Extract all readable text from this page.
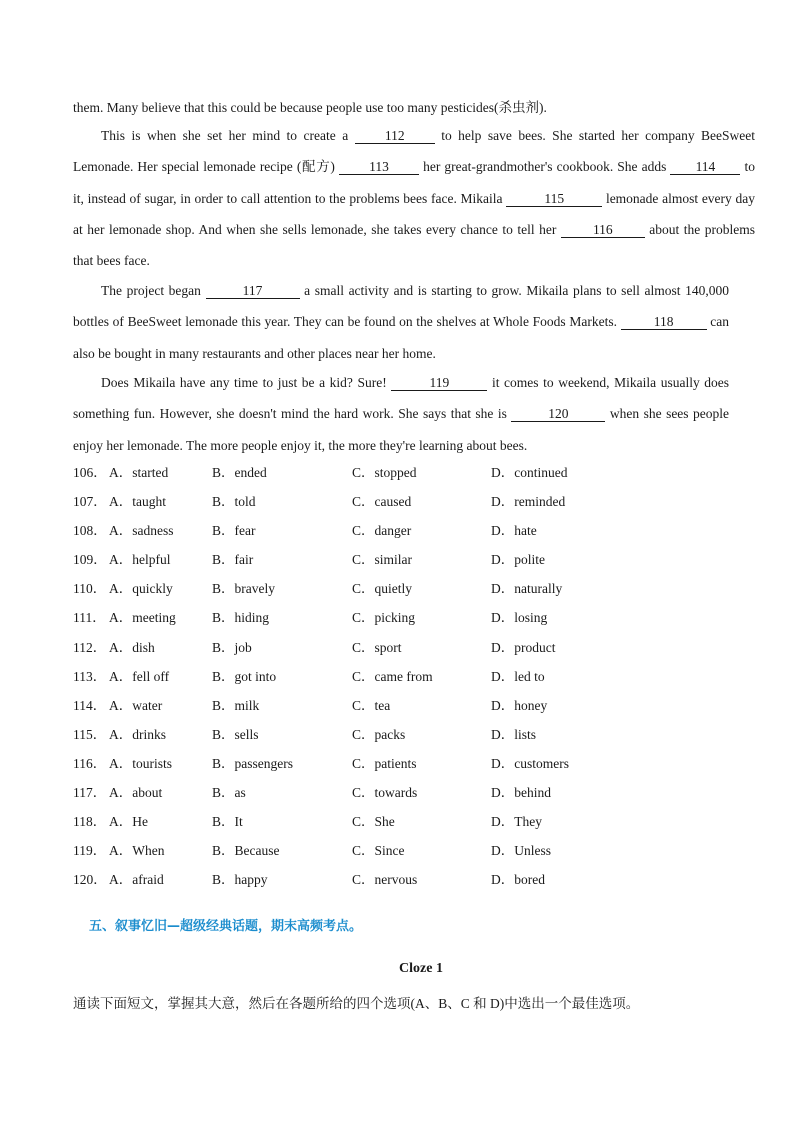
them. Many believe that this could be because people use too many pesticides(杀虫剂).

This is when she set her mind to create a	112	to help save bees. She started her company BeeSweet Lemonade. Her special lemonade recipe (配方)	113	her great-grandmother's cookbook. She adds 114 to it, instead of sugar, in order to call attention to the problems bees face. Mikaila	115	lemonade almost every day at her lemonade shop. And when she sells lemonade, she takes every chance to tell her	116	about the problems that bees face.

The project began	117	a small activity and is starting to grow. Mikaila plans to sell almost 140,000 bottles of BeeSweet lemonade this year. They can be found on the shelves at Whole Foods Markets.	118	can also be bought in many restaurants and other places near her home.

Does Mikaila have any time to just be a kid? Sure!	119	it comes to weekend, Mikaila usually does something fun. However, she doesn't mind the hard work. She says that she is	120	when she sees people enjoy her lemonade. The more people enjoy it, the more they're learning about bees.

106． A．started	B．ended	C．stopped	D．continued
107． A．taught	B．told	C．caused	D．reminded
108． A．sadness	B．fear	C．danger	D．hate
109． A．helpful	B．fair	C．similar	D．polite
110． A．quickly	B．bravely	C．quietly	D．naturally
111． A．meeting	B．hiding	C．picking	D．losing
112． A．dish	B．job	C．sport	D．product
113． A．fell off	B．got into	C．came from	D．led to
114． A．water	B．milk	C．tea	D．honey
115． A．drinks	B．sells	C．packs	D．lists
116． A．tourists	B．passengers	C．patients	D．customers
117． A．about	B．as	C．towards	D．behind
118． A．He	B．It	C．She	D．They
119． A．When	B．Because	C．Since	D．Unless
120． A．afraid	B．happy	C．nervous	D．bored

五、叙事忆旧—超级经典话题，期末高频考点。

Cloze 1

通读下面短文，掌握其大意，然后在各题所给的四个选项(A、B、C 和 D)中选出一个最佳选项。
